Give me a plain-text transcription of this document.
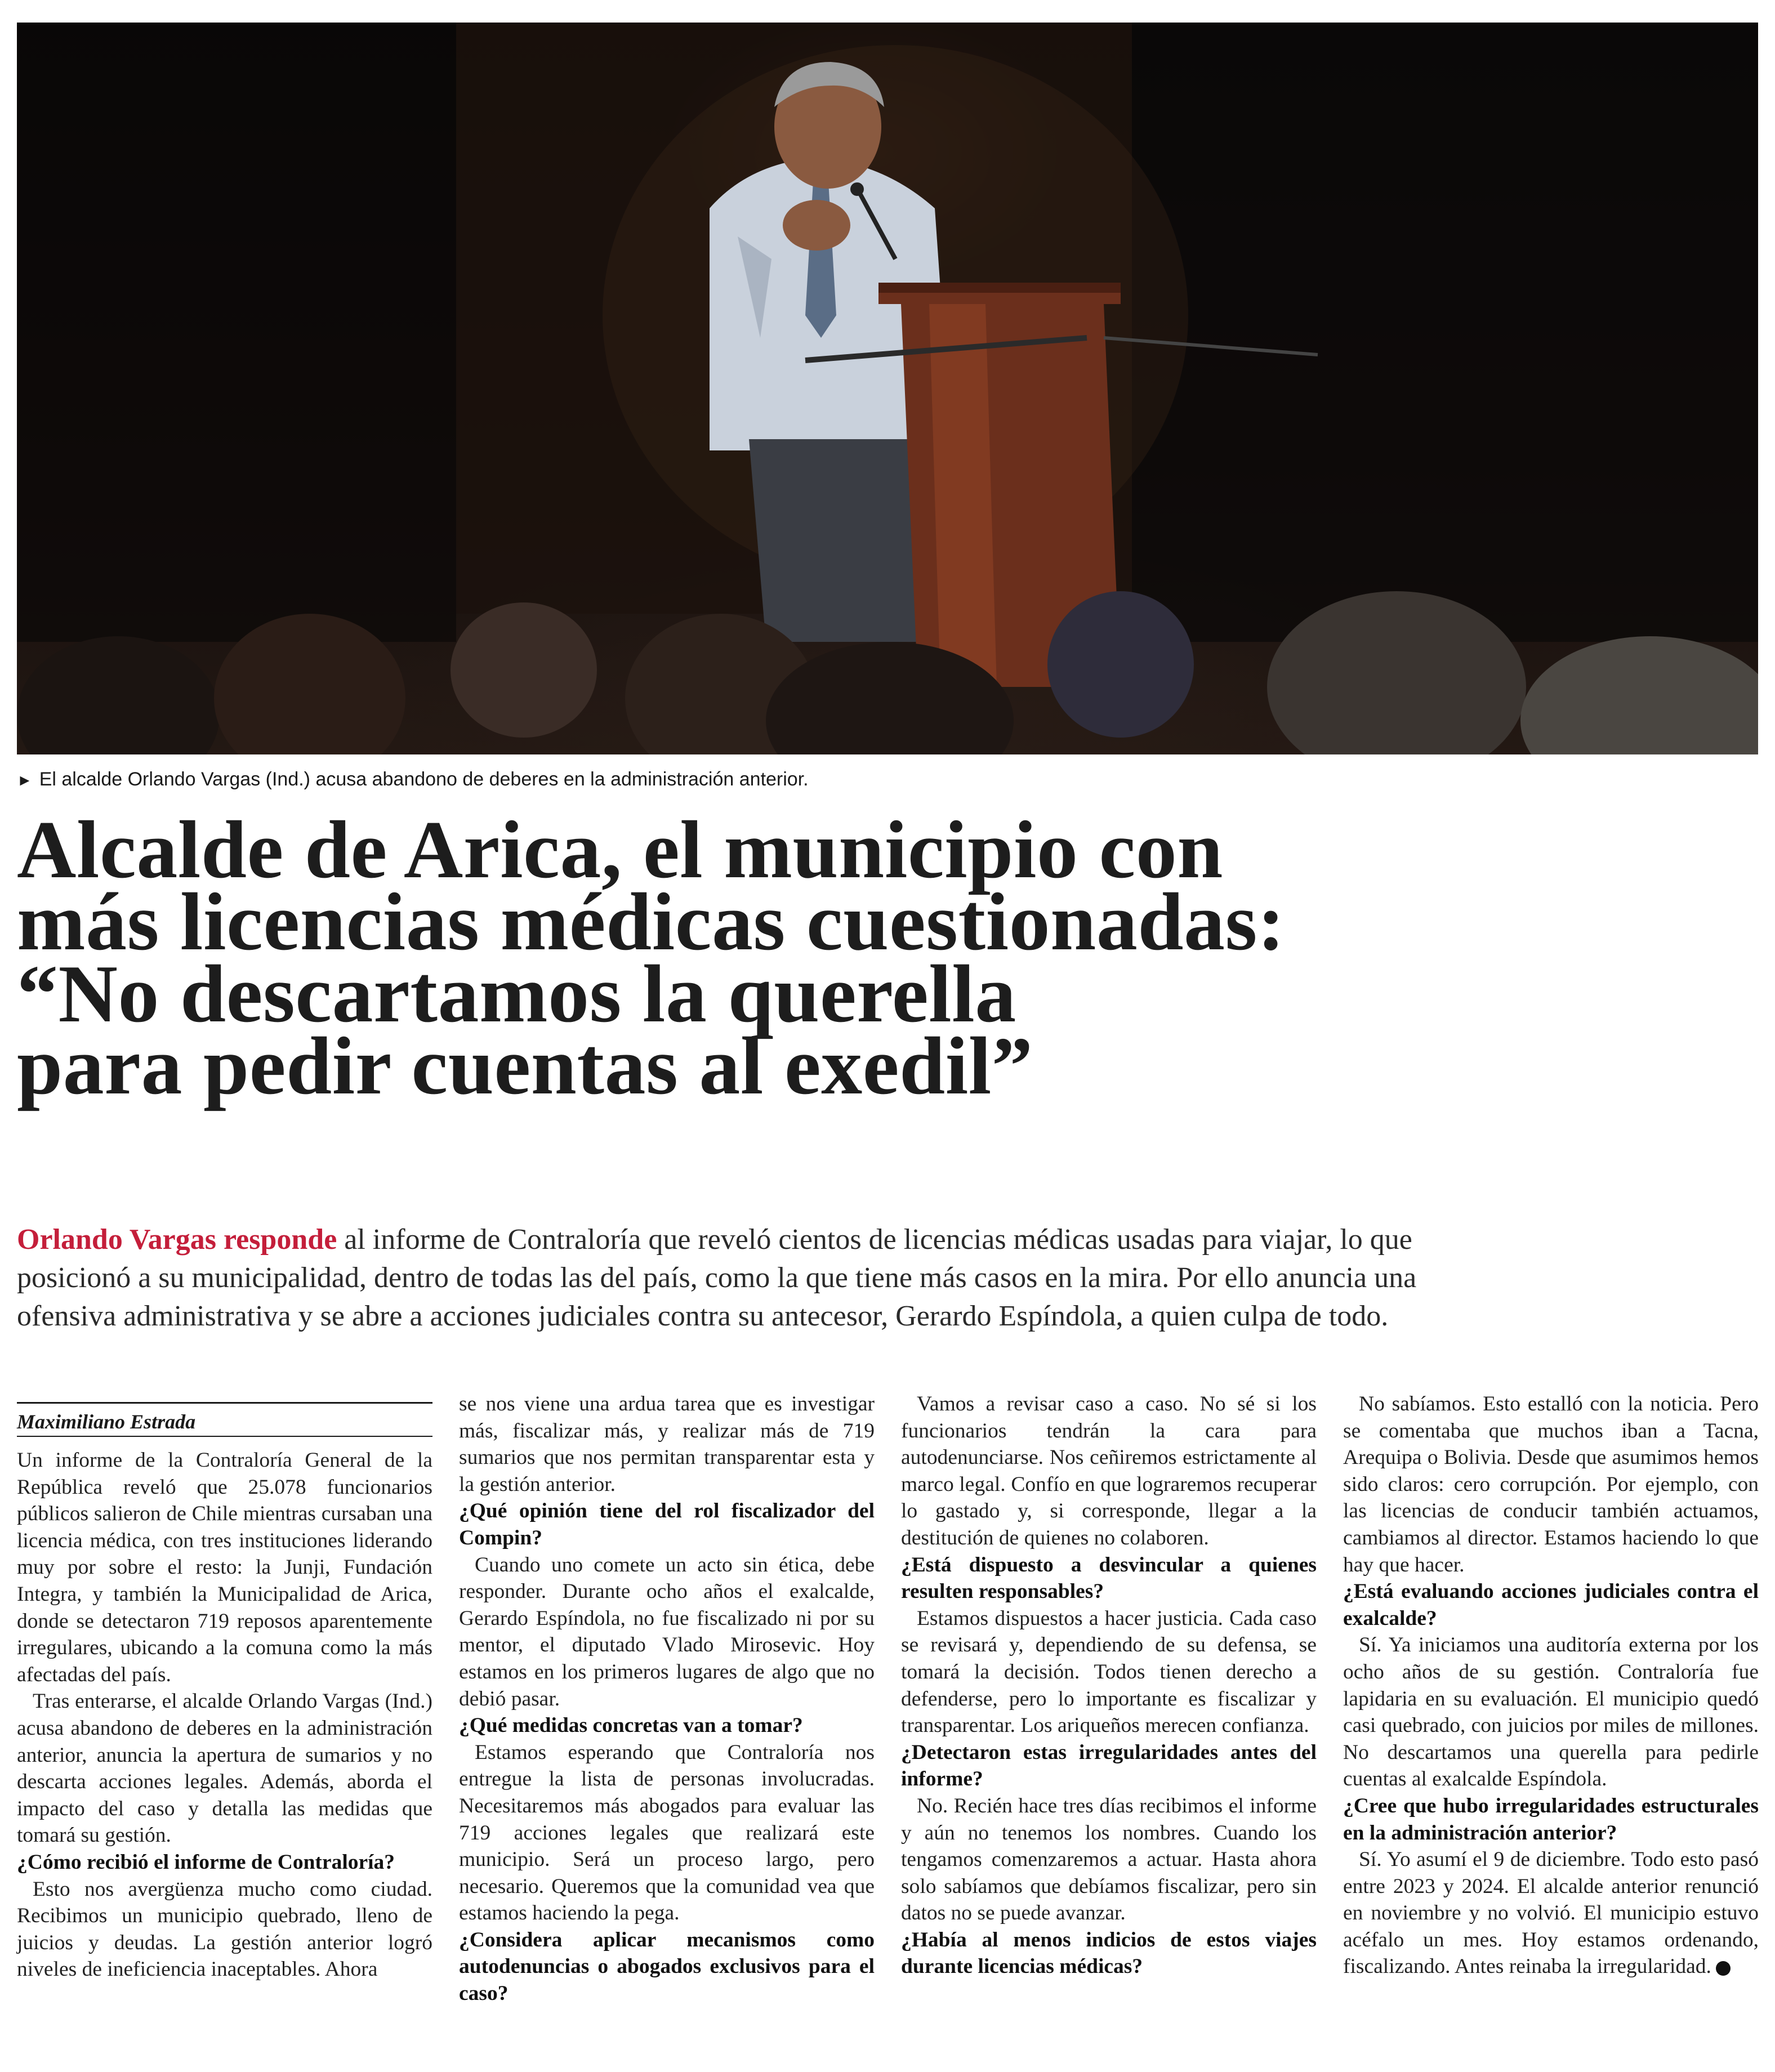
► El alcalde Orlando Vargas (Ind.) acusa abandono de deberes en la administración anterior.
Alcalde de Arica, el municipio con
más licencias médicas cuestionadas:
“No descartamos la querella
para pedir cuentas al exedil”
Orlando Vargas responde al informe de Contraloría que reveló cientos de licencias médicas usadas para viajar, lo que
posicionó a su municipalidad, dentro de todas las del país, como la que tiene más casos en la mira. Por ello anuncia una
ofensiva administrativa y se abre a acciones judiciales contra su antecesor, Gerardo Espíndola, a quien culpa de todo.
Maximiliano Estrada

Un informe de la Contraloría General de la República reveló que 25.078 funcionarios públicos salieron de Chile mientras cursaban una licencia médica, con tres instituciones liderando muy por sobre el resto: la Junji, Fundación Integra, y también la Municipalidad de Arica, donde se detectaron 719 reposos aparentemente irregulares, ubicando a la comuna como la más afectadas del país.

Tras enterarse, el alcalde Orlando Vargas (Ind.) acusa abandono de deberes en la administración anterior, anuncia la apertura de sumarios y no descarta acciones legales. Además, aborda el impacto del caso y detalla las medidas que tomará su gestión.

¿Cómo recibió el informe de Contraloría?

Esto nos avergüenza mucho como ciudad. Recibimos un municipio quebrado, lleno de juicios y deudas. La gestión anterior logró niveles de ineficiencia inaceptables. Ahora

se nos viene una ardua tarea que es investigar más, fiscalizar más, y realizar más de 719 sumarios que nos permitan transparentar esta y la gestión anterior.

¿Qué opinión tiene del rol fiscalizador del Compin?

Cuando uno comete un acto sin ética, debe responder. Durante ocho años el exalcalde, Gerardo Espíndola, no fue fiscalizado ni por su mentor, el diputado Vlado Mirosevic. Hoy estamos en los primeros lugares de algo que no debió pasar.

¿Qué medidas concretas van a tomar?

Estamos esperando que Contraloría nos entregue la lista de personas involucradas. Necesitaremos más abogados para evaluar las 719 acciones legales que realizará este municipio. Será un proceso largo, pero necesario. Queremos que la comunidad vea que estamos haciendo la pega.

¿Considera aplicar mecanismos como autodenuncias o abogados exclusivos para el caso?

Vamos a revisar caso a caso. No sé si los funcionarios tendrán la cara para autodenunciarse. Nos ceñiremos estrictamente al marco legal. Confío en que lograremos recuperar lo gastado y, si corresponde, llegar a la destitución de quienes no colaboren.

¿Está dispuesto a desvincular a quienes resulten responsables?

Estamos dispuestos a hacer justicia. Cada caso se revisará y, dependiendo de su defensa, se tomará la decisión. Todos tienen derecho a defenderse, pero lo importante es fiscalizar y transparentar. Los ariqueños merecen confianza.

¿Detectaron estas irregularidades antes del informe?

No. Recién hace tres días recibimos el informe y aún no tenemos los nombres. Cuando los tengamos comenzaremos a actuar. Hasta ahora solo sabíamos que debíamos fiscalizar, pero sin datos no se puede avanzar.

¿Había al menos indicios de estos viajes durante licencias médicas?

No sabíamos. Esto estalló con la noticia. Pero se comentaba que muchos iban a Tacna, Arequipa o Bolivia. Desde que asumimos hemos sido claros: cero corrupción. Por ejemplo, con las licencias de conducir también actuamos, cambiamos al director. Estamos haciendo lo que hay que hacer.

¿Está evaluando acciones judiciales contra el exalcalde?

Sí. Ya iniciamos una auditoría externa por los ocho años de su gestión. Contraloría fue lapidaria en su evaluación. El municipio quedó casi quebrado, con juicios por miles de millones. No descartamos una querella para pedirle cuentas al exalcalde Espíndola.

¿Cree que hubo irregularidades estructurales en la administración anterior?

Sí. Yo asumí el 9 de diciembre. Todo esto pasó entre 2023 y 2024. El alcalde anterior renunció en noviembre y no volvió. El municipio estuvo acéfalo un mes. Hoy estamos ordenando, fiscalizando. Antes reinaba la irregularidad.
